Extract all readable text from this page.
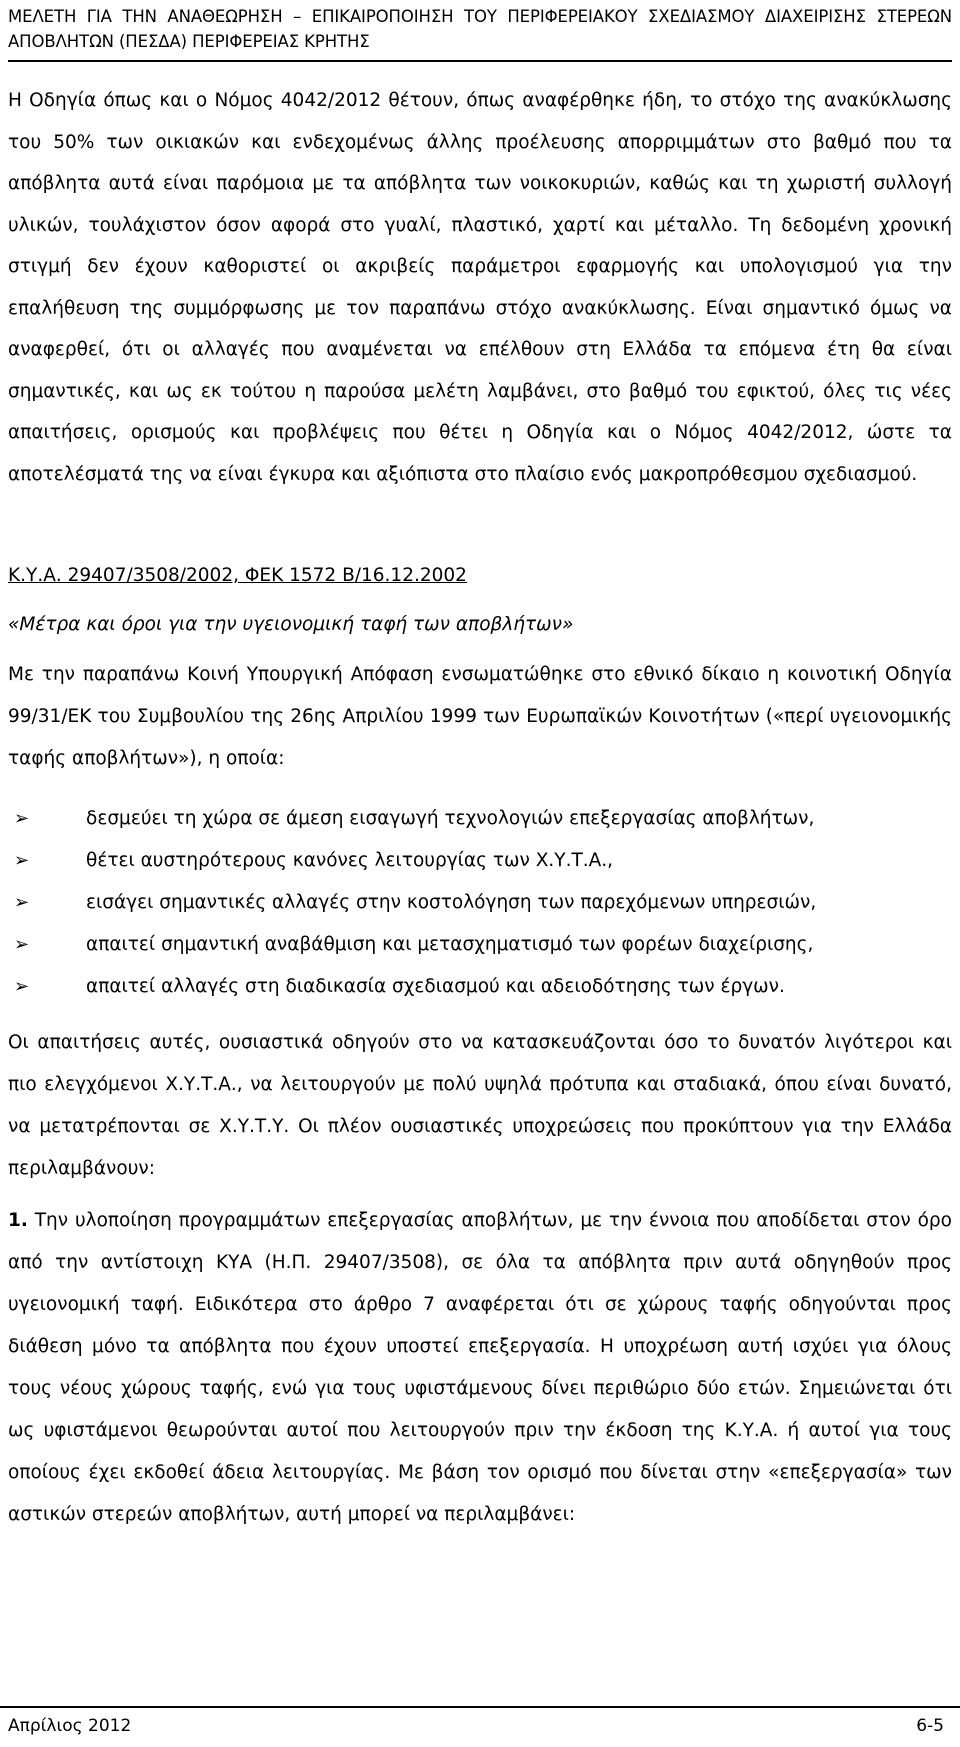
ΜΕΛΕΤΗ ΓΙΑ ΤΗΝ ΑΝΑΘΕΩΡΗΣΗ – ΕΠΙΚΑΙΡΟΠΟΙΗΣΗ ΤΟΥ ΠΕΡΙΦΕΡΕΙΑΚΟΥ ΣΧΕΔΙΑΣΜΟΥ ΔΙΑΧΕΙΡΙΣΗΣ ΣΤΕΡΕΩΝ ΑΠΟΒΛΗΤΩΝ (ΠΕΣΔΑ) ΠΕΡΙΦΕΡΕΙΑΣ ΚΡΗΤΗΣ

Η Οδηγία όπως και ο Νόμος 4042/2012 θέτουν, όπως αναφέρθηκε ήδη, το στόχο της ανακύκλωσης του 50% των οικιακών και ενδεχομένως άλλης προέλευσης απορριμμάτων στο βαθμό που τα απόβλητα αυτά είναι παρόμοια με τα απόβλητα των νοικοκυριών, καθώς και τη χωριστή συλλογή υλικών, τουλάχιστον όσον αφορά στο γυαλί, πλαστικό, χαρτί και μέταλλο. Τη δεδομένη χρονική στιγμή δεν έχουν καθοριστεί οι ακριβείς παράμετροι εφαρμογής και υπολογισμού για την επαλήθευση της συμμόρφωσης με τον παραπάνω στόχο ανακύκλωσης. Είναι σημαντικό όμως να αναφερθεί, ότι οι αλλαγές που αναμένεται να επέλθουν στη Ελλάδα τα επόμενα έτη θα είναι σημαντικές, και ως εκ τούτου η παρούσα μελέτη λαμβάνει, στο βαθμό του εφικτού, όλες τις νέες απαιτήσεις, ορισμούς και προβλέψεις που θέτει η Οδηγία και ο Νόμος 4042/2012, ώστε τα αποτελέσματά της να είναι έγκυρα και αξιόπιστα στο πλαίσιο ενός μακροπρόθεσμου σχεδιασμού.

Κ.Υ.Α. 29407/3508/2002, ΦΕΚ 1572 Β/16.12.2002

«Μέτρα και όροι για την υγειονομική ταφή των αποβλήτων»

Με την παραπάνω Κοινή Υπουργική Απόφαση ενσωματώθηκε στο εθνικό δίκαιο η κοινοτική Οδηγία 99/31/ΕΚ του Συμβουλίου της 26ης Απριλίου 1999 των Ευρωπαϊκών Κοινοτήτων («περί υγειονομικής ταφής αποβλήτων»), η οποία:

➢	δεσμεύει τη χώρα σε άμεση εισαγωγή τεχνολογιών επεξεργασίας αποβλήτων,
➢	θέτει αυστηρότερους κανόνες λειτουργίας των Χ.Υ.Τ.Α.,
➢	εισάγει σημαντικές αλλαγές στην κοστολόγηση των παρεχόμενων υπηρεσιών,
➢	απαιτεί σημαντική αναβάθμιση και μετασχηματισμό των φορέων διαχείρισης,
➢	απαιτεί αλλαγές στη διαδικασία σχεδιασμού και αδειοδότησης των έργων.

Οι απαιτήσεις αυτές, ουσιαστικά οδηγούν στο να κατασκευάζονται όσο το δυνατόν λιγότεροι και πιο ελεγχόμενοι Χ.Υ.Τ.Α., να λειτουργούν με πολύ υψηλά πρότυπα και σταδιακά, όπου είναι δυνατό, να μετατρέπονται σε Χ.Υ.Τ.Υ. Οι πλέον ουσιαστικές υποχρεώσεις που προκύπτουν για την Ελλάδα περιλαμβάνουν:

1. Την υλοποίηση προγραμμάτων επεξεργασίας αποβλήτων, με την έννοια που αποδίδεται στον όρο από την αντίστοιχη ΚΥΑ (Η.Π. 29407/3508), σε όλα τα απόβλητα πριν αυτά οδηγηθούν προς υγειονομική ταφή. Ειδικότερα στο άρθρο 7 αναφέρεται ότι σε χώρους ταφής οδηγούνται προς διάθεση μόνο τα απόβλητα που έχουν υποστεί επεξεργασία. Η υποχρέωση αυτή ισχύει για όλους τους νέους χώρους ταφής, ενώ για τους υφιστάμενους δίνει περιθώριο δύο ετών. Σημειώνεται ότι ως υφιστάμενοι θεωρούνται αυτοί που λειτουργούν πριν την έκδοση της Κ.Υ.Α. ή αυτοί για τους οποίους έχει εκδοθεί άδεια λειτουργίας. Με βάση τον ορισμό που δίνεται στην «επεξεργασία» των αστικών στερεών αποβλήτων, αυτή μπορεί να περιλαμβάνει:

Απρίλιος 2012	6-5
